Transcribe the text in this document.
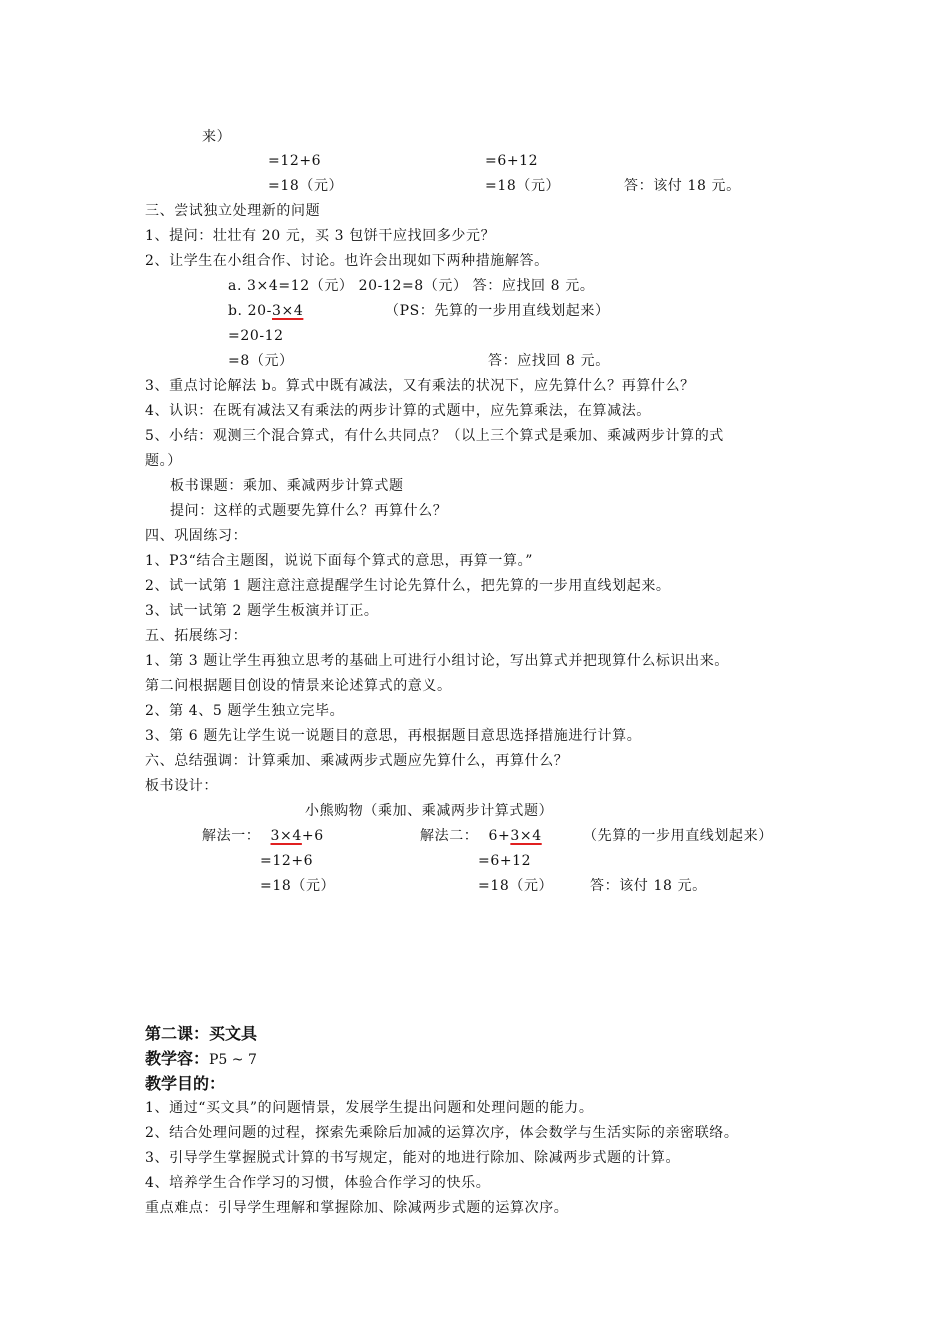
来）
=12+6	=6+12
=18（元）	=18（元）	答：该付 18 元。
三、尝试独立处理新的问题
1、提问：壮壮有 20 元，买 3 包饼干应找回多少元？
2、让学生在小组合作、讨论。也许会出现如下两种措施解答。
a. 3×4=12（元） 20-12=8（元） 答：应找回 8 元。
b. 20-3×4	（PS：先算的一步用直线划起来）
=20-12
=8（元）	答：应找回 8 元。
3、重点讨论解法 b。算式中既有减法，又有乘法的状况下，应先算什么？再算什么？
4、认识：在既有减法又有乘法的两步计算的式题中，应先算乘法，在算减法。
5、小结：观测三个混合算式，有什么共同点？（以上三个算式是乘加、乘减两步计算的式
题。）
板书课题：乘加、乘减两步计算式题
提问：这样的式题要先算什么？再算什么？
四、巩固练习：
1、P3“结合主题图，说说下面每个算式的意思，再算一算。”
2、试一试第 1 题注意注意提醒学生讨论先算什么，把先算的一步用直线划起来。
3、试一试第 2 题学生板演并订正。
五、拓展练习：
1、第 3 题让学生再独立思考的基础上可进行小组讨论，写出算式并把现算什么标识出来。
第二问根据题目创设的情景来论述算式的意义。
2、第 4、5 题学生独立完毕。
3、第 6 题先让学生说一说题目的意思，再根据题目意思选择措施进行计算。
六、总结强调：计算乘加、乘减两步式题应先算什么，再算什么？
板书设计：
小熊购物（乘加、乘减两步计算式题）
解法一： 3×4+6	解法二： 6+3×4	（先算的一步用直线划起来）
=12+6	=6+12
=18（元）	=18（元）	答：该付 18 元。
第二课：买文具
教学容：P5 ~ 7
教学目的：
1、通过“买文具”的问题情景，发展学生提出问题和处理问题的能力。
2、结合处理问题的过程，探索先乘除后加减的运算次序，体会数学与生活实际的亲密联络。
3、引导学生掌握脱式计算的书写规定，能对的地进行除加、除减两步式题的计算。
4、培养学生合作学习的习惯，体验合作学习的快乐。
重点难点：引导学生理解和掌握除加、除减两步式题的运算次序。
